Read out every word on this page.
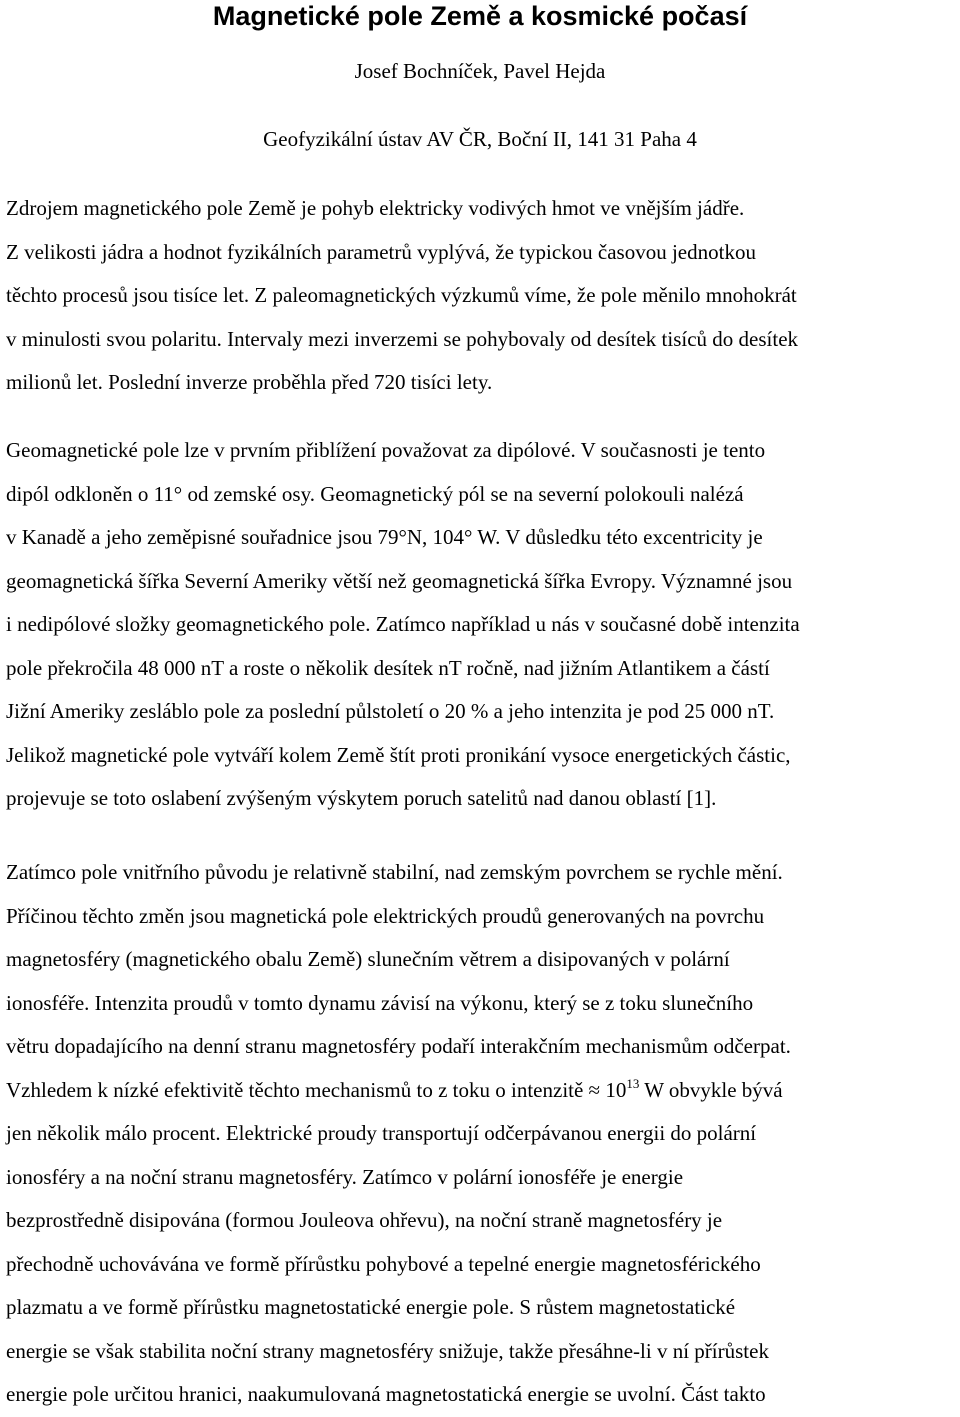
Magnetické pole Země a kosmické počasí

Josef Bochníček, Pavel Hejda

Geofyzikální ústav AV ČR, Boční II, 141 31 Paha 4

Zdrojem magnetického pole Země je pohyb elektricky vodivých hmot ve vnějším jádře.
Z velikosti jádra a hodnot fyzikálních parametrů vyplývá, že typickou časovou jednotkou
těchto procesů jsou tisíce let. Z paleomagnetických výzkumů víme, že pole měnilo mnohokrát
v minulosti svou polaritu. Intervaly mezi inverzemi se pohybovaly od desítek tisíců do desítek
milionů let. Poslední inverze proběhla před 720 tisíci lety.

Geomagnetické pole lze v prvním přiblížení považovat za dipólové. V současnosti je tento
dipól odkloněn o 11° od zemské osy. Geomagnetický pól se na severní polokouli nalézá
v Kanadě a jeho zeměpisné souřadnice jsou 79°N, 104° W. V důsledku této excentricity je
geomagnetická šířka Severní Ameriky větší než geomagnetická šířka Evropy. Významné jsou
i nedipólové složky geomagnetického pole. Zatímco například u nás v současné době intenzita
pole překročila 48 000 nT a roste o několik desítek nT ročně, nad jižním Atlantikem a částí
Jižní Ameriky zesláblo pole za poslední půlstoletí o 20 % a jeho intenzita je pod 25 000 nT.
Jelikož magnetické pole vytváří kolem Země štít proti pronikání vysoce energetických částic,
projevuje se toto oslabení zvýšeným výskytem poruch satelitů nad danou oblastí [1].

Zatímco pole vnitřního původu je relativně stabilní, nad zemským povrchem se rychle mění.
Příčinou těchto změn jsou magnetická pole elektrických proudů generovaných na povrchu
magnetosféry (magnetického obalu Země) slunečním větrem a disipovaných v polární
ionosféře. Intenzita proudů v tomto dynamu závisí na výkonu, který se z toku slunečního
větru dopadajícího na denní stranu magnetosféry podaří interakčním mechanismům odčerpat.
Vzhledem k nízké efektivitě těchto mechanismů to z toku o intenzitě ≈ $10^{13}$ W obvykle bývá
jen několik málo procent. Elektrické proudy transportují odčerpávanou energii do polární
ionosféry a na noční stranu magnetosféry. Zatímco v polární ionosféře je energie
bezprostředně disipována (formou Jouleova ohřevu), na noční straně magnetosféry je
přechodně uchovávána ve formě přírůstku pohybové a tepelné energie magnetosférického
plazmatu a ve formě přírůstku magnetostatické energie pole. S růstem magnetostatické
energie se však stabilita noční strany magnetosféry snižuje, takže přesáhne-li v ní přírůstek
energie pole určitou hranici, naakumulovaná magnetostatická energie se uvolní. Část takto
